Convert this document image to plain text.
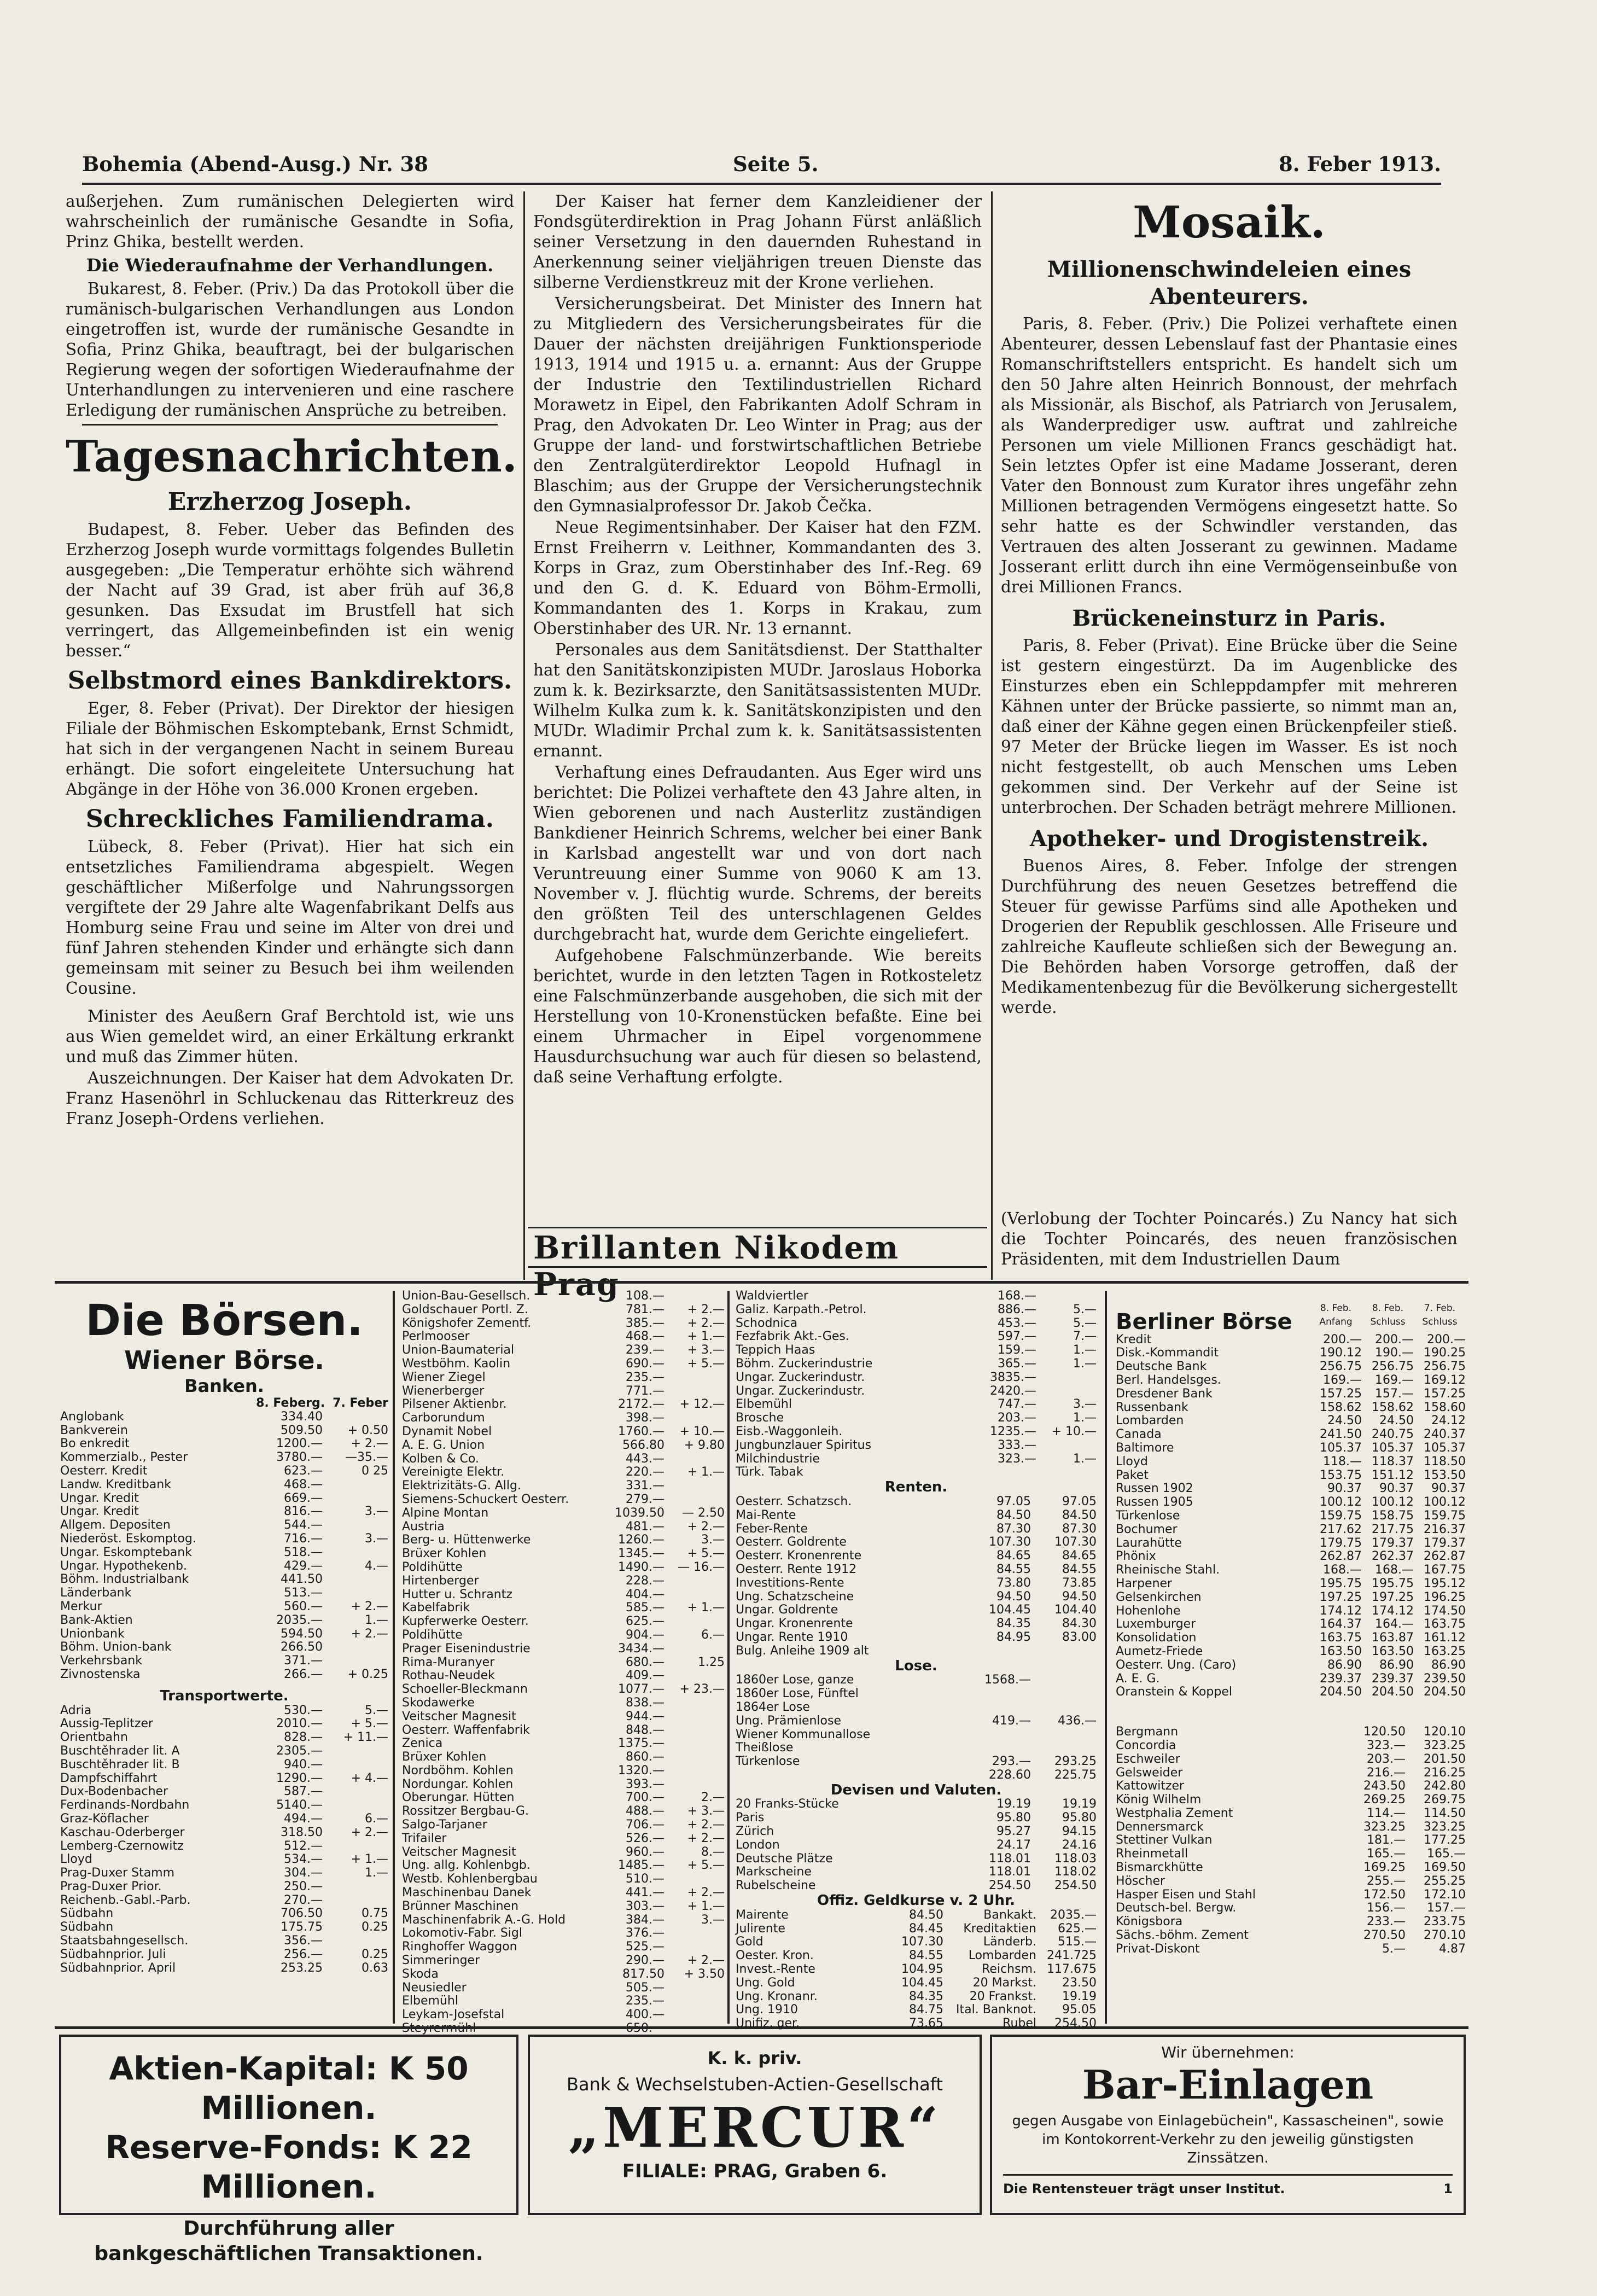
Bohemia (Abend-Ausg.) Nr. 38	Seite 5.	8. Feber 1913.

außerjehen. Zum rumänischen Delegierten wird wahrscheinlich der rumänische Gesandte in Sofia, Prinz Ghika, bestellt werden.

Die Wiederaufnahme der Verhandlungen.

Bukarest, 8. Feber. (Priv.) Da das Protokoll über die rumänisch-bulgarischen Verhandlungen aus London eingetroffen ist, wurde der rumänische Gesandte in Sofia, Prinz Ghika, beauftragt, bei der bulgarischen Regierung wegen der sofortigen Wiederaufnahme der Unterhandlungen zu intervenieren und eine raschere Erledigung der rumänischen Ansprüche zu betreiben.

Tagesnachrichten.
Erzherzog Joseph.

Budapest, 8. Feber. Ueber das Befinden des Erzherzog Joseph wurde vormittags folgendes Bulletin ausgegeben: „Die Temperatur erhöhte sich während der Nacht auf 39 Grad, ist aber früh auf 36,8 gesunken. Das Exsudat im Brustfell hat sich verringert, das Allgemeinbefinden ist ein wenig besser.“

Selbstmord eines Bankdirektors.

Eger, 8. Feber (Privat). Der Direktor der hiesigen Filiale der Böhmischen Eskomptebank, Ernst Schmidt, hat sich in der vergangenen Nacht in seinem Bureau erhängt. Die sofort eingeleitete Untersuchung hat Abgänge in der Höhe von 36.000 Kronen ergeben.

Schreckliches Familiendrama.

Lübeck, 8. Feber (Privat). Hier hat sich ein entsetzliches Familiendrama abgespielt. Wegen geschäftlicher Mißerfolge und Nahrungssorgen vergiftete der 29 Jahre alte Wagenfabrikant Delfs aus Homburg seine Frau und seine im Alter von drei und fünf Jahren stehenden Kinder und erhängte sich dann gemeinsam mit seiner zu Besuch bei ihm weilenden Cousine.

Minister des Aeußern Graf Berchtold ist, wie uns aus Wien gemeldet wird, an einer Erkältung erkrankt und muß das Zimmer hüten.

Auszeichnungen. Der Kaiser hat dem Advokaten Dr. Franz Hasenöhrl in Schluckenau das Ritterkreuz des Franz Joseph-Ordens verliehen.

Der Kaiser hat ferner dem Kanzleidiener der Fondsgüterdirektion in Prag Johann Fürst anläßlich seiner Versetzung in den dauernden Ruhestand in Anerkennung seiner vieljährigen treuen Dienste das silberne Verdienstkreuz mit der Krone verliehen.

Versicherungsbeirat. Det Minister des Innern hat zu Mitgliedern des Versicherungsbeirates für die Dauer der nächsten dreijährigen Funktionsperiode 1913, 1914 und 1915 u. a. ernannt: Aus der Gruppe der Industrie den Textilindustriellen Richard Morawetz in Eipel, den Fabrikanten Adolf Schram in Prag, den Advokaten Dr. Leo Winter in Prag; aus der Gruppe der land- und forstwirtschaftlichen Betriebe den Zentralgüterdirektor Leopold Hufnagl in Blaschim; aus der Gruppe der Versicherungstechnik den Gymnasialprofessor Dr. Jakob Čečka.

Neue Regimentsinhaber. Der Kaiser hat den FZM. Ernst Freiherrn v. Leithner, Kommandanten des 3. Korps in Graz, zum Oberstinhaber des Inf.-Reg. 69 und den G. d. K. Eduard von Böhm-Ermolli, Kommandanten des 1. Korps in Krakau, zum Oberstinhaber des UR. Nr. 13 ernannt.

Personales aus dem Sanitätsdienst. Der Statthalter hat den Sanitätskonzipisten MUDr. Jaroslaus Hoborka zum k. k. Bezirksarzte, den Sanitätsassistenten MUDr. Wilhelm Kulka zum k. k. Sanitätskonzipisten und den MUDr. Wladimir Prchal zum k. k. Sanitätsassistenten ernannt.

Verhaftung eines Defraudanten. Aus Eger wird uns berichtet: Die Polizei verhaftete den 43 Jahre alten, in Wien geborenen und nach Austerlitz zuständigen Bankdiener Heinrich Schrems, welcher bei einer Bank in Karlsbad angestellt war und von dort nach Veruntreuung einer Summe von 9060 K am 13. November v. J. flüchtig wurde. Schrems, der bereits den größten Teil des unterschlagenen Geldes durchgebracht hat, wurde dem Gerichte eingeliefert.

Aufgehobene Falschmünzerbande. Wie bereits berichtet, wurde in den letzten Tagen in Rotkosteletz eine Falschmünzerbande ausgehoben, die sich mit der Herstellung von 10-Kronenstücken befaßte. Eine bei einem Uhrmacher in Eipel vorgenommene Hausdurchsuchung war auch für diesen so belastend, daß seine Verhaftung erfolgte.

Brillanten Nikodem Prag
Mosaik.
Millionenschwindeleien eines Abenteurers.

Paris, 8. Feber. (Priv.) Die Polizei verhaftete einen Abenteurer, dessen Lebenslauf fast der Phantasie eines Romanschriftstellers entspricht. Es handelt sich um den 50 Jahre alten Heinrich Bonnoust, der mehrfach als Missionär, als Bischof, als Patriarch von Jerusalem, als Wanderprediger usw. auftrat und zahlreiche Personen um viele Millionen Francs geschädigt hat. Sein letztes Opfer ist eine Madame Josserant, deren Vater den Bonnoust zum Kurator ihres ungefähr zehn Millionen betragenden Vermögens eingesetzt hatte. So sehr hatte es der Schwindler verstanden, das Vertrauen des alten Josserant zu gewinnen. Madame Josserant erlitt durch ihn eine Vermögenseinbuße von drei Millionen Francs.

Brückeneinsturz in Paris.

Paris, 8. Feber (Privat). Eine Brücke über die Seine ist gestern eingestürzt. Da im Augenblicke des Einsturzes eben ein Schleppdampfer mit mehreren Kähnen unter der Brücke passierte, so nimmt man an, daß einer der Kähne gegen einen Brückenpfeiler stieß. 97 Meter der Brücke liegen im Wasser. Es ist noch nicht festgestellt, ob auch Menschen ums Leben gekommen sind. Der Verkehr auf der Seine ist unterbrochen. Der Schaden beträgt mehrere Millionen.

Apotheker- und Drogistenstreik.

Buenos Aires, 8. Feber. Infolge der strengen Durchführung des neuen Gesetzes betreffend die Steuer für gewisse Parfüms sind alle Apotheken und Drogerien der Republik geschlossen. Alle Friseure und zahlreiche Kaufleute schließen sich der Bewegung an. Die Behörden haben Vorsorge getroffen, daß der Medikamentenbezug für die Bevölkerung sichergestellt werde.

(Verlobung der Tochter Poincarés.) Zu Nancy hat sich die Tochter Poincarés, des neuen französischen Präsidenten, mit dem Industriellen Daum
Die Börsen.
Wiener Börse.
Banken.
8. Feber g. 7. Feber
Anglobank	334.40
Bankverein	509.50	+ 0.50
Bo enkredit	1200.—	+ 2.—
Kommerzialb., Pester	3780.—	—35.—
Oesterr. Kredit	623.—	0 25
Landw. Kreditbank	468.—
Ungar. Kredit	669.—
Ungar. Kredit	816.—	3.—
Allgem. Depositen	544.—
Niederöst. Eskomptog.	716.—	3.—
Ungar. Eskomptebank	518.—
Ungar. Hypothekenb.	429.—	4.—
Böhm. Industrialbank	441.50
Länderbank	513.—
Merkur	560.—	+ 2.—
Bank-Aktien	2035.—	1.—
Unionbank	594.50	+ 2.—
Böhm. Union-bank	266.50
Verkehrsbank	371.—
Zivnostenska	266.—	+ 0.25
Transportwerte.
Adria	530.—	5.—
Aussig-Teplitzer	2010.—	+ 5.—
Orientbahn	828.—	+ 11.—
Buschtěhrader lit. A	2305.—
Buschtěhrader lit. B	940.—
Dampfschiffahrt	1290.—	+ 4.—
Dux-Bodenbacher	587.—
Ferdinands-Nordbahn	5140.—
Graz-Köflacher	494.—	6.—
Kaschau-Oderberger	318.50	+ 2.—
Lemberg-Czernowitz	512.—
Lloyd	534.—	+ 1.—
Prag-Duxer Stamm	304.—	1.—
Prag-Duxer Prior.	250.—
Reichenb.-Gabl.-Parb.	270.—
Südbahn	706.50	0.75
Südbahn	175.75	0.25
Staatsbahngesellsch.	356.—
Südbahnprior. Juli	256.—	0.25
Südbahnprior. April	253.25	0.63
Union-Bau-Gesellsch.	108.—
Goldschauer Portl. Z.	781.—	+ 2.—
Königshofer Zementf.	385.—	+ 2.—
Perlmooser	468.—	+ 1.—
Union-Baumaterial	239.—	+ 3.—
Westböhm. Kaolin	690.—	+ 5.—
Wiener Ziegel	235.—
Wienerberger	771.—
Pilsener Aktienbr.	2172.—	+ 12.—
Carborundum	398.—
Dynamit Nobel	1760.—	+ 10.—
A. E. G. Union	566.80	+ 9.80
Kolben & Co.	443.—
Vereinigte Elektr.	220.—	+ 1.—
Elektrizitäts-G. Allg.	331.—
Siemens-Schuckert Oesterr.	279.—
Alpine Montan	1039.50	— 2.50
Austria	481.—	+ 2.—
Berg- u. Hüttenwerke	1260.—	3.—
Brüxer Kohlen	1345.—	+ 5.—
Poldihütte	1490.—	— 16.—
Hirtenberger	228.—
Hutter u. Schrantz	404.—
Kabelfabrik	585.—	+ 1.—
Kupferwerke Oesterr.	625.—
Poldihütte	904.—	6.—
Prager Eisenindustrie	3434.—
Rima-Muranyer	680.—	1.25
Rothau-Neudek	409.—
Schoeller-Bleckmann	1077.—	+ 23.—
Skodawerke	838.—
Veitscher Magnesit	944.—
Oesterr. Waffenfabrik	848.—
Zenica	1375.—
Brüxer Kohlen	860.—
Nordböhm. Kohlen	1320.—
Nordungar. Kohlen	393.—
Oberungar. Hütten	700.—	2.—
Rossitzer Bergbau-G.	488.—	+ 3.—
Salgo-Tarjaner	706.—	+ 2.—
Trifailer	526.—	+ 2.—
Veitscher Magnesit	960.—	8.—
Ung. allg. Kohlenbgb.	1485.—	+ 5.—
Westb. Kohlenbergbau	510.—
Maschinenbau Danek	441.—	+ 2.—
Brünner Maschinen	303.—	+ 1.—
Maschinenfabrik A.-G. Hold	384.—	3.—
Lokomotiv-Fabr. Sigl	376.—
Ringhoffer Waggon	525.—
Simmeringer	290.—	+ 2.—
Skoda	817.50	+ 3.50
Neusiedler	505.—
Elbemühl	235.—
Leykam-Josefstal	400.—
Steyrermühl	650.—
Waldviertler	168.—
Galiz. Karpath.-Petrol.	886.—	5.—
Schodnica	453.—	5.—
Fezfabrik Akt.-Ges.	597.—	7.—
Teppich Haas	159.—	1.—
Böhm. Zuckerindustrie	365.—	1.—
Ungar. Zuckerindustr.	3835.—
Ungar. Zuckerindustr.	2420.—
Elbemühl	747.—	3.—
Brosche	203.—	1.—
Eisb.-Waggonleih.	1235.—	+ 10.—
Jungbunzlauer Spiritus	333.—
Milchindustrie	323.—	1.—
Türk. Tabak
Renten.
Oesterr. Schatzsch.	97.05	97.05
Mai-Rente	84.50	84.50
Feber-Rente	87.30	87.30
Oesterr. Goldrente	107.30	107.30
Oesterr. Kronenrente	84.65	84.65
Oesterr. Rente 1912	84.55	84.55
Investitions-Rente	73.80	73.85
Ung. Schatzscheine	94.50	94.50
Ungar. Goldrente	104.45	104.40
Ungar. Kronenrente	84.35	84.30
Ungar. Rente 1910	84.95	83.00
Bulg. Anleihe 1909 alt
Lose.
1860er Lose, ganze	1568.—
1860er Lose, Fünftel
1864er Lose
Ung. Prämienlose	419.—	436.—
Wiener Kommunallose
Theißlose
Türkenlose	293.—	293.25
228.60	225.75
Devisen und Valuten.
20 Franks-Stücke	19.19	19.19
Paris	95.80	95.80
Zürich	95.27	94.15
London	24.17	24.16
Deutsche Plätze	118.01	118.03
Markscheine	118.01	118.02
Rubelscheine	254.50	254.50
Offiz. Geldkurse v. 2 Uhr.
Mairente	84.50	Bankakt.	2035.—
Julirente	84.45	Kreditaktien	625.—
Gold	107.30	Länderb.	515.—
Oester. Kron.	84.55	Lombarden 241.725
Invest.-Rente	104.95	Reichsm. 117.675
Ung. Gold	104.45	20 Markst.	23.50
Ung. Kronanr.	84.35	20 Frankst.	19.19
Ung. 1910	84.75	Ital. Banknot.	95.05
Unifiz. ger.	73.65	Rubel	254.50
Berliner Börse
8. Feb. Anfang
8. Feb. Schluss
7. Feb. Schluss
Kredit	200.—	200.—	200.—
Disk.-Kommandit	190.12	190.— 190.25
Deutsche Bank	256.75 256.75 256.75
Berl. Handelsges.	169.—	169.— 169.12
Dresdener Bank	157.25	157.— 157.25
Russenbank	158.62 158.62 158.60
Lombarden	24.50	24.50	24.12
Canada	241.50 240.75 240.37
Baltimore	105.37 105.37 105.37
Lloyd	118.— 118.37 118.50
Paket	153.75 151.12 153.50
Russen 1902	90.37	90.37	90.37
Russen 1905	100.12 100.12 100.12
Türkenlose	159.75 158.75 159.75
Bochumer	217.62 217.75 216.37
Laurahütte	179.75 179.37 179.37
Phönix	262.87 262.37 262.87
Rheinische Stahl.	168.—	168.— 167.75
Harpener	195.75 195.75 195.12
Gelsenkirchen	197.25 197.25 196.25
Hohenlohe	174.12 174.12 174.50
Luxemburger	164.37	164.— 163.75
Konsolidation	163.75 163.87 161.12
Aumetz-Friede	163.50 163.50 163.25
Oesterr. Ung. (Caro)	86.90	86.90	86.90
A. E. G.	239.37 239.37 239.50
Oranstein & Koppel	204.50 204.50 204.50
Bergmann	120.50	120.10
Concordia	323.—	323.25
Eschweiler	203.—	201.50
Gelsweider	216.—	216.25
Kattowitzer	243.50	242.80
König Wilhelm	269.25	269.75
Westphalia Zement	114.—	114.50
Dennersmarck	323.25	323.25
Stettiner Vulkan	181.—	177.25
Rheinmetall	165.—	165.—
Bismarckhütte	169.25	169.50
Höscher	255.—	255.25
Hasper Eisen und Stahl	172.50	172.10
Deutsch-bel. Bergw.	156.—	157.—
Königsbora	233.—	233.75
Sächs.-böhm. Zement	270.50	270.10
Privat-Diskont	5.—	4.87
Aktien-Kapital: K 50 Millionen.
Reserve-Fonds: K 22 Millionen.
Durchführung aller bankgeschäftlichen Transaktionen.
K. k. priv.
Bank & Wechselstuben-Actien-Gesellschaft
„MERCUR“
FILIALE: PRAG, Graben 6.
Wir übernehmen:
Bar-Einlagen
gegen Ausgabe von Einlagebüchein", Kassascheinen", sowie im Kontokorrent-Verkehr zu den jeweilig günstigsten Zinssätzen.
Die Rentensteuer trägt unser Institut.	1
